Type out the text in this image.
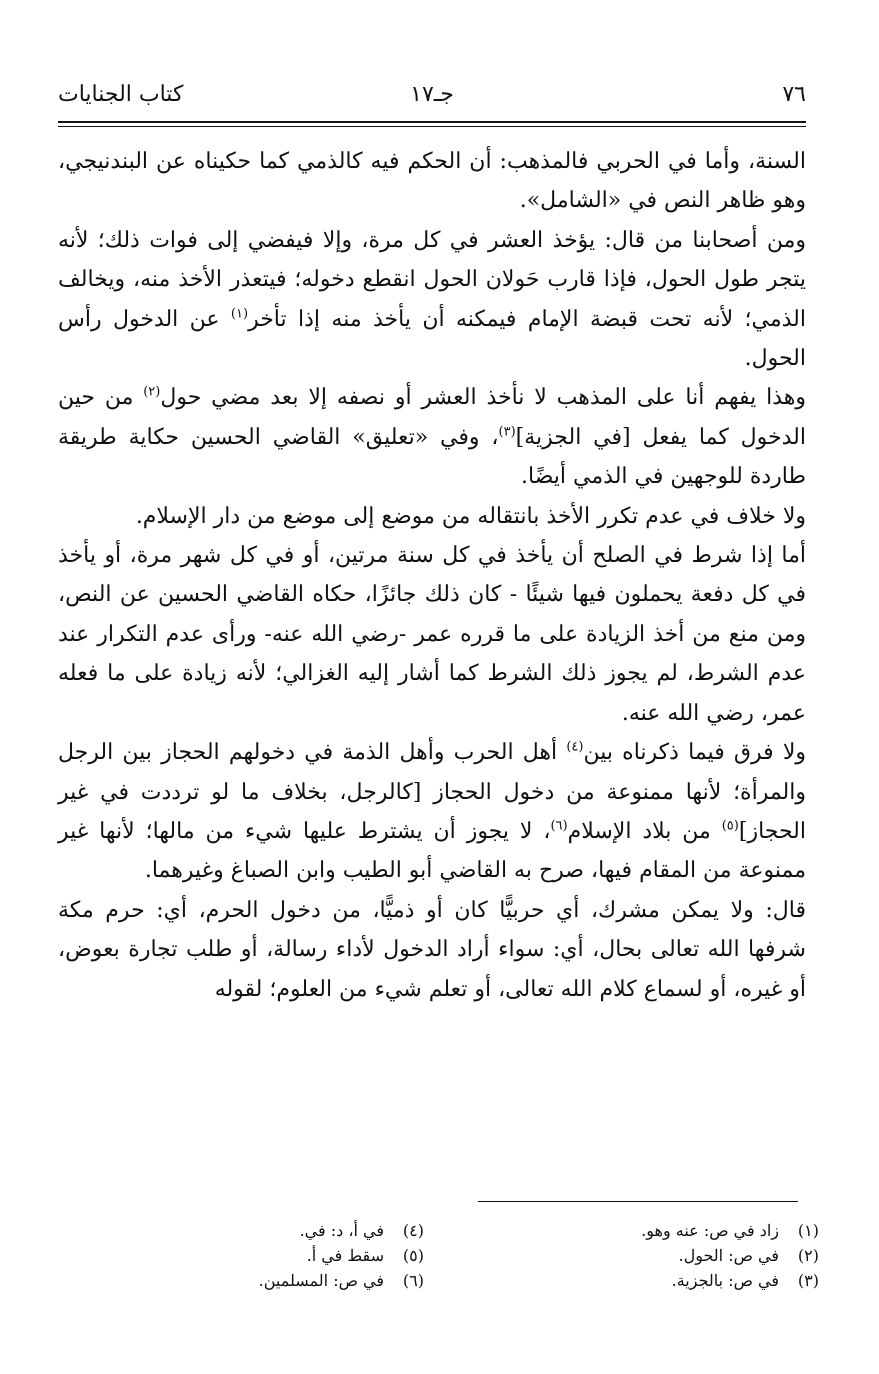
٧٦
جـ١٧
كتاب الجنايات

السنة، وأما في الحربي فالمذهب: أن الحكم فيه كالذمي كما حكيناه عن البندنيجي، وهو ظاهر النص في «الشامل».

ومن أصحابنا من قال: يؤخذ العشر في كل مرة، وإلا فيفضي إلى فوات ذلك؛ لأنه يتجر طول الحول، فإذا قارب حَولان الحول انقطع دخوله؛ فيتعذر الأخذ منه، ويخالف الذمي؛ لأنه تحت قبضة الإمام فيمكنه أن يأخذ منه إذا تأخر$^{(١)}$ عن الدخول رأس الحول.

وهذا يفهم أنا على المذهب لا نأخذ العشر أو نصفه إلا بعد مضي حول$^{(٢)}$ من حين الدخول كما يفعل [في الجزية]$^{(٣)}$، وفي «تعليق» القاضي الحسين حكاية طريقة طاردة للوجهين في الذمي أيضًا.

ولا خلاف في عدم تكرر الأخذ بانتقاله من موضع إلى موضع من دار الإسلام.

أما إذا شرط في الصلح أن يأخذ في كل سنة مرتين، أو في كل شهر مرة، أو يأخذ في كل دفعة يحملون فيها شيئًا - كان ذلك جائزًا، حكاه القاضي الحسين عن النص، ومن منع من أخذ الزيادة على ما قرره عمر -رضي الله عنه- ورأى عدم التكرار عند عدم الشرط، لم يجوز ذلك الشرط كما أشار إليه الغزالي؛ لأنه زيادة على ما فعله عمر، رضي الله عنه.

ولا فرق فيما ذكرناه بين$^{(٤)}$ أهل الحرب وأهل الذمة في دخولهم الحجاز بين الرجل والمرأة؛ لأنها ممنوعة من دخول الحجاز [كالرجل، بخلاف ما لو ترددت في غير الحجاز]$^{(٥)}$ من بلاد الإسلام$^{(٦)}$، لا يجوز أن يشترط عليها شيء من مالها؛ لأنها غير ممنوعة من المقام فيها، صرح به القاضي أبو الطيب وابن الصباغ وغيرهما.

قال: ولا يمكن مشرك، أي حربيًّا كان أو ذميًّا، من دخول الحرم، أي: حرم مكة شرفها الله تعالى بحال، أي: سواء أراد الدخول لأداء رسالة، أو طلب تجارة بعوض، أو غيره، أو لسماع كلام الله تعالى، أو تعلم شيء من العلوم؛ لقوله

(١)زاد في ص: عنه وهو.
(٢)في ص: الحول.
(٣)في ص: بالجزية.
(٤)في أ، د: في.
(٥)سقط في أ.
(٦)في ص: المسلمين.
